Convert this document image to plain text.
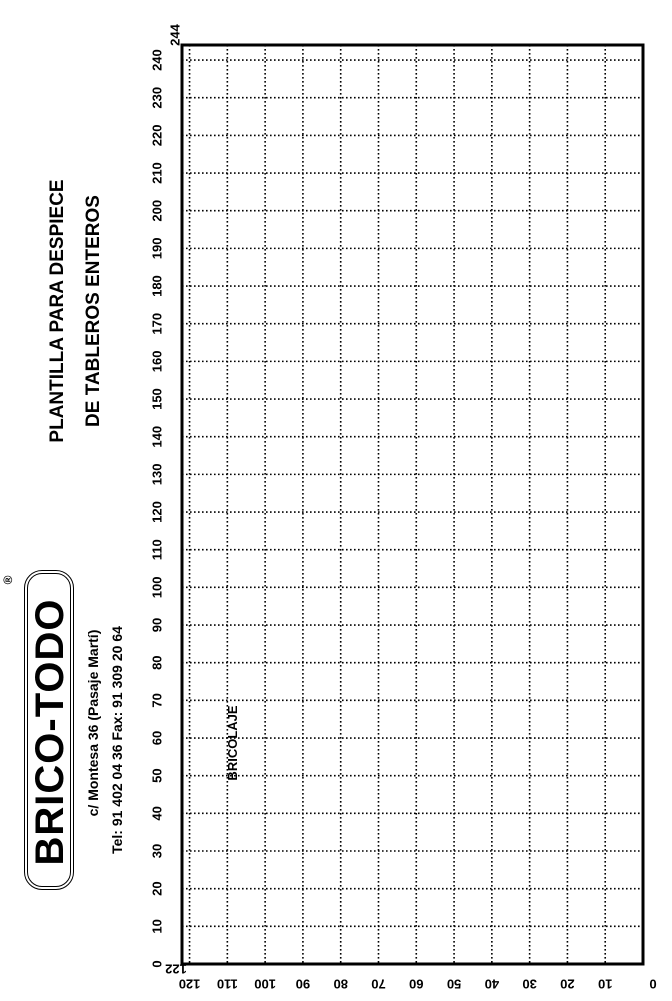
BRICOLAJE
®
BRICO-TODO c/ Montesa 36 (Pasaje Martí) Tel: 91 402 04 36 Fax: 91 309 20 64
PLANTILLA PARA DESPIECE DE TABLEROS ENTEROS
0
10
20
30
40
50
60
70
80
90
100
110
120
130
140
150
160
170
180
190
200
210
220
230
240
244
0
10
20
30
40
50
60
70
80
90
100
110
120
122
